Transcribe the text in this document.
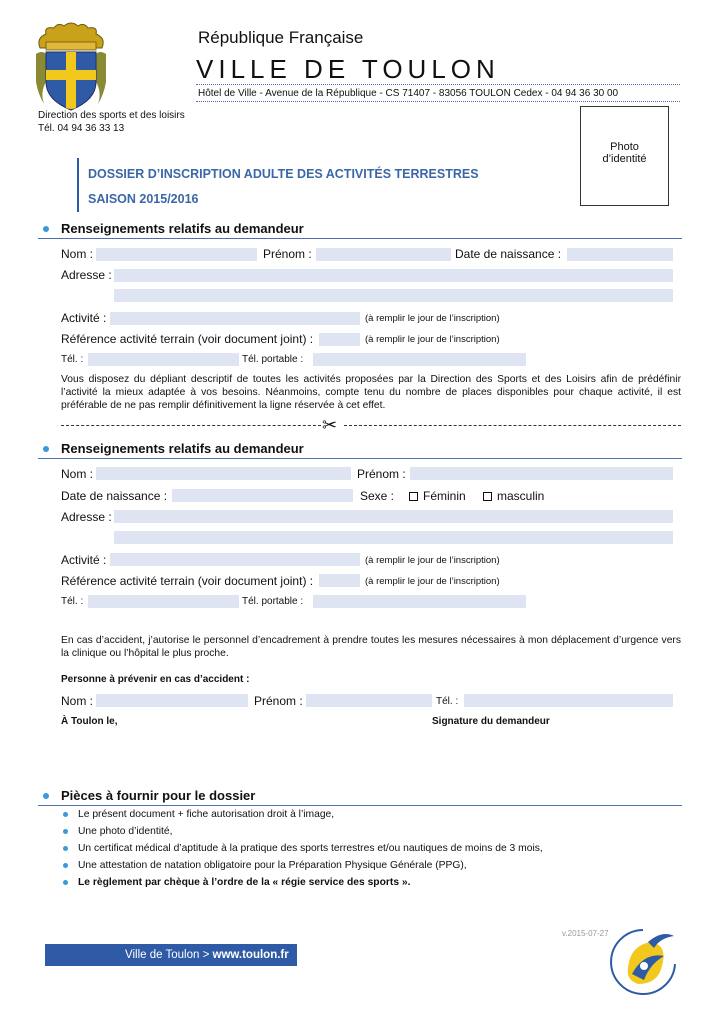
République Française
VILLE DE TOULON
Hôtel de Ville - Avenue de la République - CS 71407 - 83056 TOULON Cedex - 04 94 36 30 00
Direction des sports et des loisirs
Tél. 04 94 36 33 13
Photo
d’identité
DOSSIER D’INSCRIPTION ADULTE DES ACTIVITÉS TERRESTRES
SAISON 2015/2016
Renseignements relatifs au demandeur
Nom :	Prénom :	Date de naissance :
Adresse :
Activité :	(à remplir le jour de l’inscription)
Référence activité terrain (voir document joint) :	(à remplir le jour de l’inscription)
Tél. :	Tél. portable :
Vous disposez du dépliant descriptif de toutes les activités proposées par la Direction des Sports et des Loisirs afin de prédéfinir l’activité la mieux adaptée à vos besoins. Néanmoins, compte tenu du nombre de places disponibles pour chaque activité, il est préférable de ne pas remplir définitivement la ligne réservée à cet effet.
✂
Renseignements relatifs au demandeur
Nom :	Prénom :
Date de naissance :	Sexe :	Féminin	masculin
Adresse :
Activité :	(à remplir le jour de l’inscription)
Référence activité terrain (voir document joint) :	(à remplir le jour de l’inscription)
Tél. :	Tél. portable :
En cas d’accident, j’autorise le personnel d’encadrement à prendre toutes les mesures nécessaires à mon déplacement d’urgence vers la clinique ou l’hôpital le plus proche.
Personne à prévenir en cas d’accident :
Nom :	Prénom :	Tél. :
À Toulon le,	Signature du demandeur
Pièces à fournir pour le dossier
Le présent document + fiche autorisation droit à l’image,
Une photo d’identité,
Un certificat médical d’aptitude à la pratique des sports terrestres et/ou nautiques de moins de 3 mois,
Une attestation de natation obligatoire pour la Préparation Physique Générale (PPG),
Le règlement par chèque à l’ordre de la « régie service des sports ».
v.2015-07-27
Ville de Toulon > www.toulon.fr
